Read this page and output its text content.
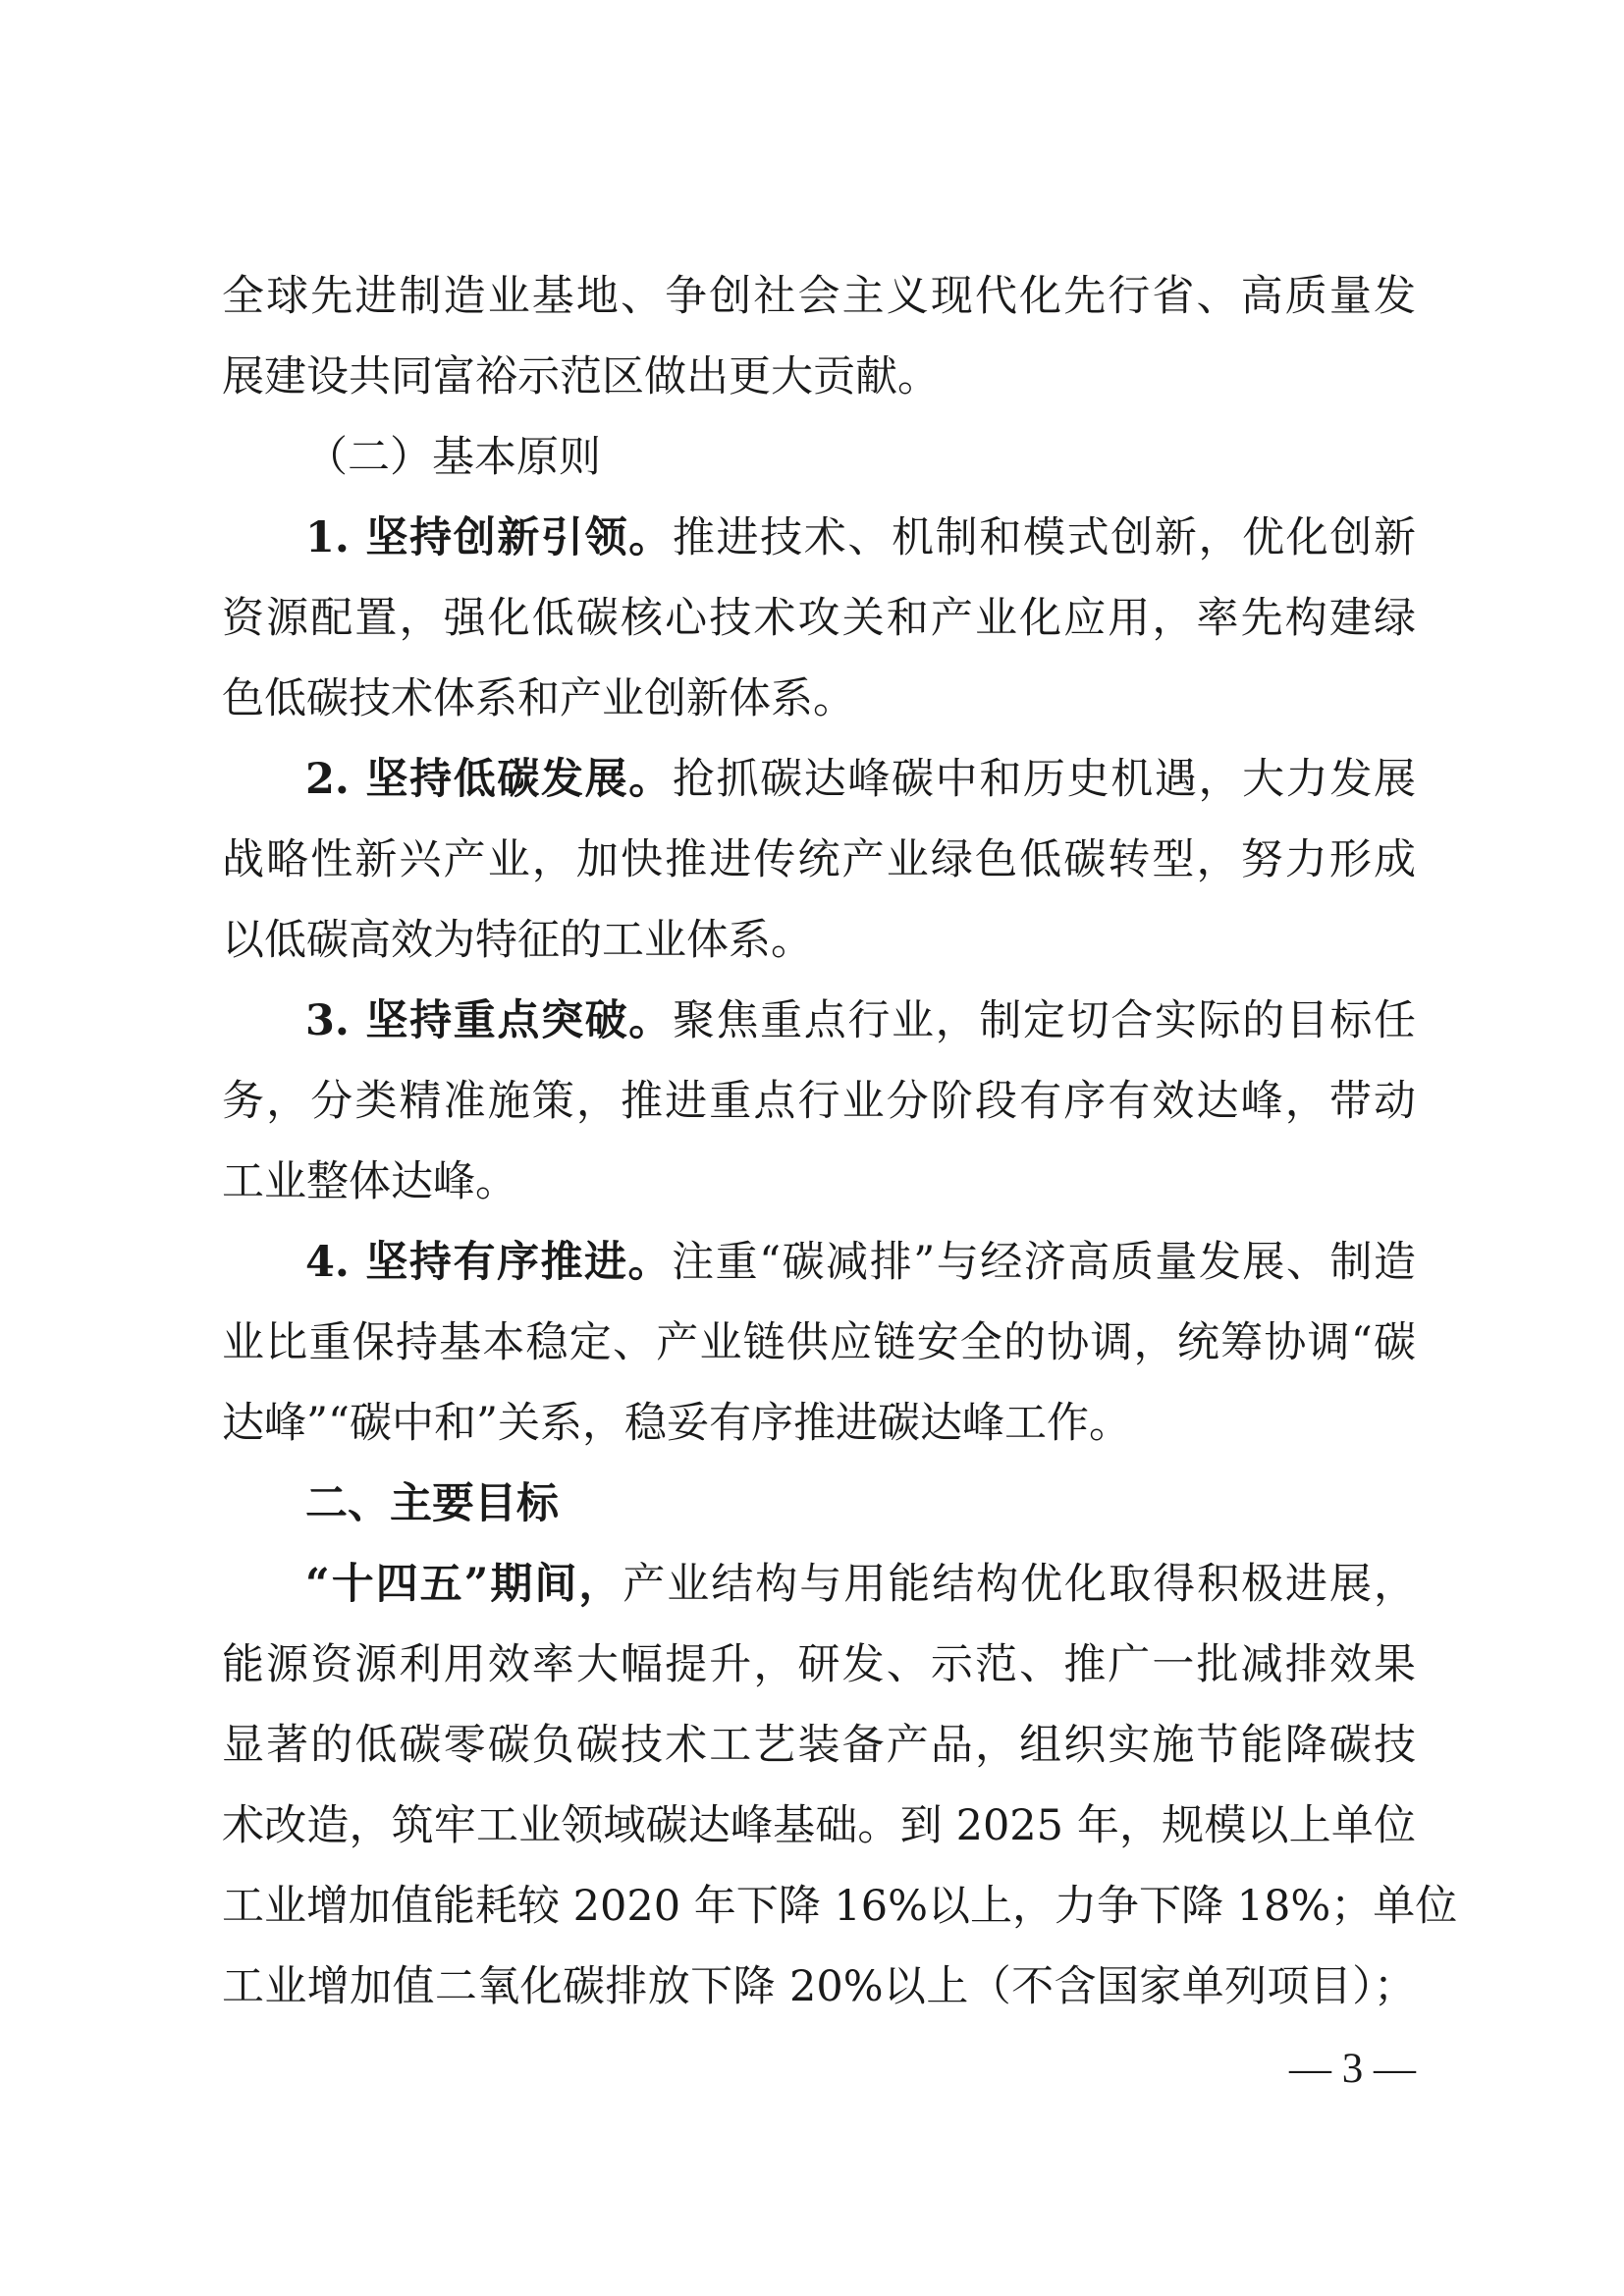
全球先进制造业基地、争创社会主义现代化先行省、高质量发
展建设共同富裕示范区做出更大贡献。
（二）基本原则
1. 坚持创新引领。推进技术、机制和模式创新，优化创新
资源配置，强化低碳核心技术攻关和产业化应用，率先构建绿
色低碳技术体系和产业创新体系。
2. 坚持低碳发展。抢抓碳达峰碳中和历史机遇，大力发展
战略性新兴产业，加快推进传统产业绿色低碳转型，努力形成
以低碳高效为特征的工业体系。
3. 坚持重点突破。聚焦重点行业，制定切合实际的目标任
务，分类精准施策，推进重点行业分阶段有序有效达峰，带动
工业整体达峰。
4. 坚持有序推进。注重“碳减排”与经济高质量发展、制造
业比重保持基本稳定、产业链供应链安全的协调，统筹协调“碳
达峰”“碳中和”关系，稳妥有序推进碳达峰工作。
二、主要目标
“十四五”期间，产业结构与用能结构优化取得积极进展，
能源资源利用效率大幅提升，研发、示范、推广一批减排效果
显著的低碳零碳负碳技术工艺装备产品，组织实施节能降碳技
术改造，筑牢工业领域碳达峰基础。到 2025 年，规模以上单位
工业增加值能耗较 2020 年下降 16%以上，力争下降 18%；单位
工业增加值二氧化碳排放下降 20%以上（不含国家单列项目）；
— 3 —
